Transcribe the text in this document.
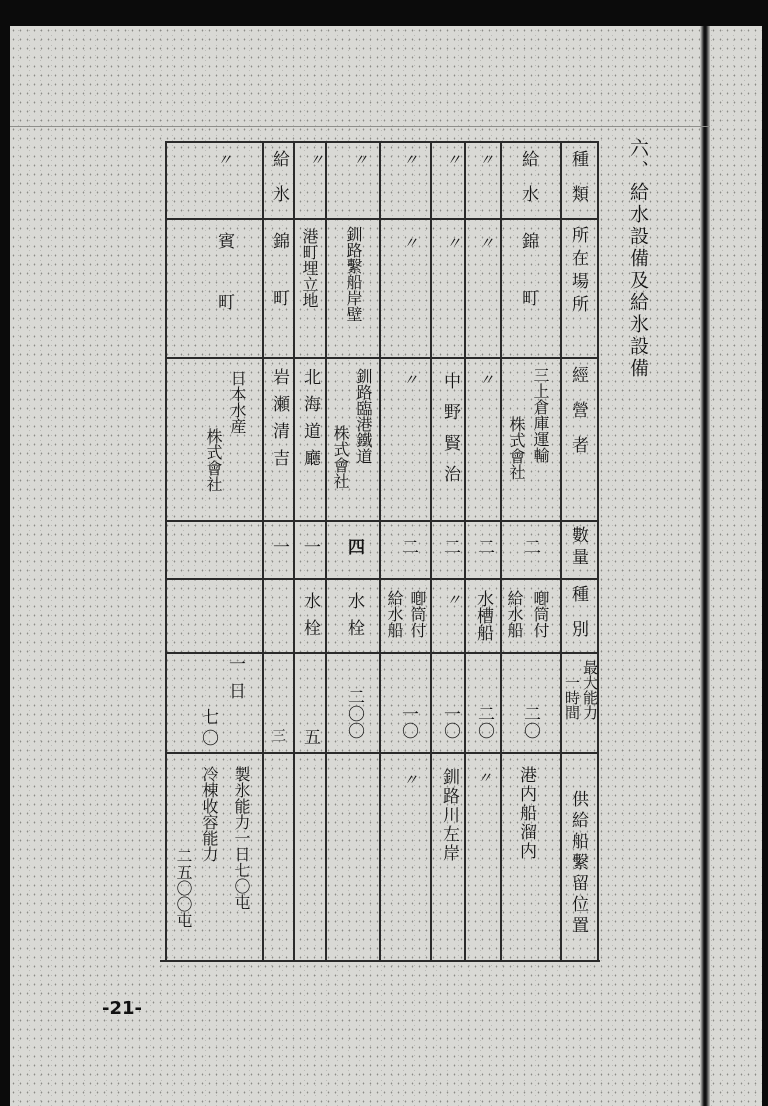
六、給水設備及給氷設備
種類
所在場所
經營者
數量
種別
最大能力
一時間
供給船繫留位置
給水
錦町
三上倉庫運輸
株式會社
二
喞筒付
給水船
二〇
港内船溜内
〃
〃
〃
二
水槽船
二〇
〃
〃
〃
中野賢治
二
〃
一〇
釧路川左岸
〃
〃
〃
二
喞筒付
給水船
一〇
〃
〃
釧路繫船岸壁
釧路臨港鐵道
株式會社
四
水栓
二〇〇
〃
港町埋立地
北海道廳
一
水栓
五
給氷
錦町
岩瀬清吉
一
三
〃
賓町
日本水産
株式會社
一日
七〇
製氷能力一日七〇屯
冷棟收容能力
二五〇〇屯
-21-
